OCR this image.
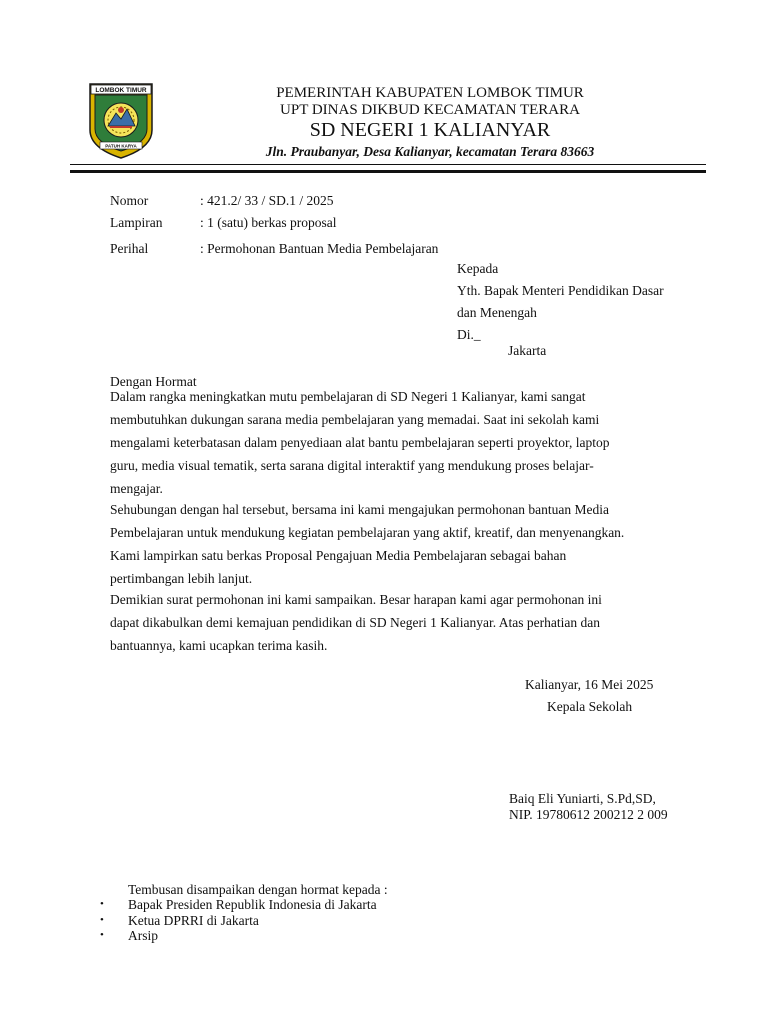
LOMBOK TIMUR
PATUH KARYA
PEMERINTAH KABUPATEN LOMBOK TIMUR
UPT DINAS DIKBUD KECAMATAN TERARA
SD NEGERI 1 KALIANYAR
Jln. Praubanyar, Desa Kalianyar, kecamatan Terara 83663
Nomor	: 421.2/ 33 / SD.1 / 2025
Lampiran	: 1 (satu) berkas proposal
Perihal	: Permohonan Bantuan Media Pembelajaran
Kepada
Yth. Bapak Menteri Pendidikan Dasar
dan Menengah
Di._
Jakarta
Dengan Hormat
Dalam rangka meningkatkan mutu pembelajaran di SD Negeri 1 Kalianyar, kami sangat
membutuhkan dukungan sarana media pembelajaran yang memadai. Saat ini sekolah kami
mengalami keterbatasan dalam penyediaan alat bantu pembelajaran seperti proyektor, laptop
guru, media visual tematik, serta sarana digital interaktif yang mendukung proses belajar-
mengajar.
Sehubungan dengan hal tersebut, bersama ini kami mengajukan permohonan bantuan Media
Pembelajaran untuk mendukung kegiatan pembelajaran yang aktif, kreatif, dan menyenangkan.
Kami lampirkan satu berkas Proposal Pengajuan Media Pembelajaran sebagai bahan
pertimbangan lebih lanjut.
Demikian surat permohonan ini kami sampaikan. Besar harapan kami agar permohonan ini
dapat dikabulkan demi kemajuan pendidikan di SD Negeri 1 Kalianyar. Atas perhatian dan
bantuannya, kami ucapkan terima kasih.
Kalianyar, 16 Mei 2025
Kepala Sekolah
Baiq Eli Yuniarti, S.Pd,SD,
NIP. 19780612 200212 2 009
Tembusan disampaikan dengan hormat kepada :
• Bapak Presiden Republik Indonesia di Jakarta
• Ketua DPRRI di Jakarta
• Arsip
